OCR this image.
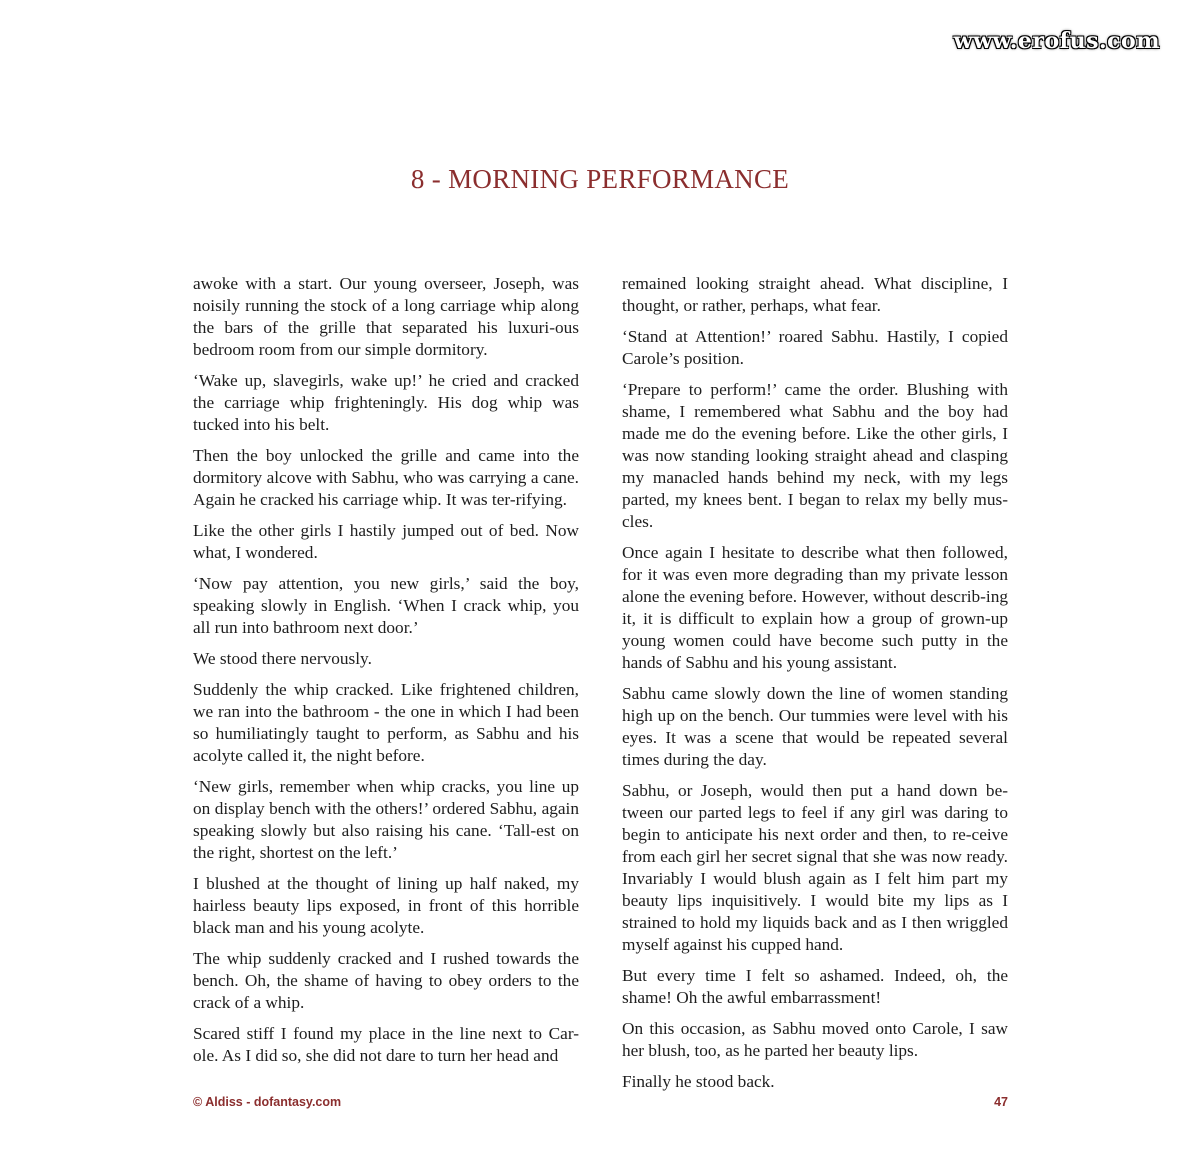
www.erofus.com
8 - MORNING PERFORMANCE

awoke with a start. Our young overseer, Joseph, was noisily running the stock of a long carriage whip along the bars of the grille that separated his luxuri-ous bedroom room from our simple dormitory.

‘Wake up, slavegirls, wake up!’ he cried and cracked the carriage whip frighteningly. His dog whip was tucked into his belt.

Then the boy unlocked the grille and came into the dormitory alcove with Sabhu, who was carrying a cane. Again he cracked his carriage whip. It was ter-rifying.

Like the other girls I hastily jumped out of bed. Now what, I wondered.

‘Now pay attention, you new girls,’ said the boy, speaking slowly in English. ‘When I crack whip, you all run into bathroom next door.’

We stood there nervously.

Suddenly the whip cracked. Like frightened children, we ran into the bathroom - the one in which I had been so humiliatingly taught to perform, as Sabhu and his acolyte called it, the night before.

‘New girls, remember when whip cracks, you line up on display bench with the others!’ ordered Sabhu, again speaking slowly but also raising his cane. ‘Tall-est on the right, shortest on the left.’

I blushed at the thought of lining up half naked, my hairless beauty lips exposed, in front of this horrible black man and his young acolyte.

The whip suddenly cracked and I rushed towards the bench. Oh, the shame of having to obey orders to the crack of a whip.

Scared stiff I found my place in the line next to Car-ole. As I did so, she did not dare to turn her head and

remained looking straight ahead. What discipline, I thought, or rather, perhaps, what fear.

‘Stand at Attention!’ roared Sabhu. Hastily, I copied Carole’s position.

‘Prepare to perform!’ came the order. Blushing with shame, I remembered what Sabhu and the boy had made me do the evening before. Like the other girls, I was now standing looking straight ahead and clasping my manacled hands behind my neck, with my legs parted, my knees bent. I began to relax my belly mus-cles.

Once again I hesitate to describe what then followed, for it was even more degrading than my private lesson alone the evening before. However, without describ-ing it, it is difficult to explain how a group of grown-up young women could have become such putty in the hands of Sabhu and his young assistant.

Sabhu came slowly down the line of women standing high up on the bench. Our tummies were level with his eyes. It was a scene that would be repeated several times during the day.

Sabhu, or Joseph, would then put a hand down be-tween our parted legs to feel if any girl was daring to begin to anticipate his next order and then, to re-ceive from each girl her secret signal that she was now ready. Invariably I would blush again as I felt him part my beauty lips inquisitively. I would bite my lips as I strained to hold my liquids back and as I then wriggled myself against his cupped hand.

But every time I felt so ashamed. Indeed, oh, the shame! Oh the awful embarrassment!

On this occasion, as Sabhu moved onto Carole, I saw her blush, too, as he parted her beauty lips.

Finally he stood back.

© Aldiss - dofantasy.com	47
